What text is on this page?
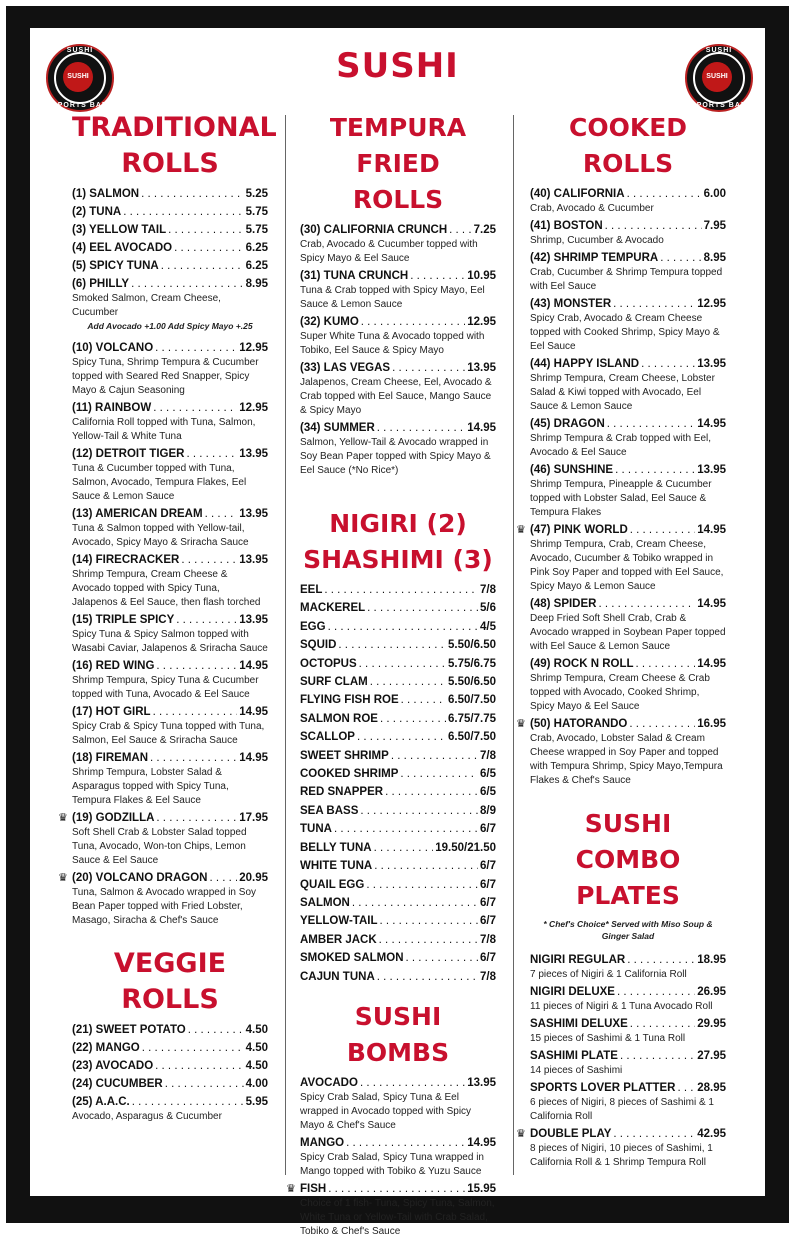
SUSHI
SUSHI
SPORTS BAR
SUSHI
SUSHI
SPORTS BAR
SUSHI
TRADITIONAL
ROLLS
(1) SALMON . . .	5.25
(2) TUNA . . .	5.75
(3) YELLOW TAIL . . .	5.75
(4) EEL AVOCADO . . .	6.25
(5) SPICY TUNA . . .	6.25
(6) PHILLY . . .	8.95
Smoked Salmon, Cream Cheese, Cucumber
Add Avocado +1.00 Add Spicy Mayo +.25
(10) VOLCANO . . .	12.95
Spicy Tuna, Shrimp Tempura & Cucumber topped with Seared Red Snapper, Spicy Mayo & Cajun Seasoning
(11) RAINBOW . . .	12.95
California Roll topped with Tuna, Salmon, Yellow-Tail & White Tuna
(12) DETROIT TIGER . . .	13.95
Tuna & Cucumber topped with Tuna, Salmon, Avocado, Tempura Flakes, Eel Sauce & Lemon Sauce
(13) AMERICAN DREAM . . .	13.95
Tuna & Salmon topped with Yellow-tail, Avocado, Spicy Mayo & Sriracha Sauce
(14) FIRECRACKER . . .	13.95
Shrimp Tempura, Cream Cheese & Avocado topped with Spicy Tuna, Jalapenos & Eel Sauce, then flash torched
(15) TRIPLE SPICY . . .	13.95
Spicy Tuna & Spicy Salmon topped with Wasabi Caviar, Jalapenos & Sriracha Sauce
(16) RED WING . . .	14.95
Shrimp Tempura, Spicy Tuna & Cucumber topped with Tuna, Avocado & Eel Sauce
(17) HOT GIRL . . .	14.95
Spicy Crab & Spicy Tuna topped with Tuna, Salmon, Eel Sauce & Sriracha Sauce
(18) FIREMAN . . .	14.95
Shrimp Tempura, Lobster Salad & Asparagus topped with Spicy Tuna, Tempura Flakes & Eel Sauce
♛ (19) GODZILLA . . .	17.95
Soft Shell Crab & Lobster Salad topped Tuna, Avocado, Won-ton Chips, Lemon Sauce & Eel Sauce
♛ (20) VOLCANO DRAGON . . .	20.95
Tuna, Salmon & Avocado wrapped in Soy Bean Paper topped with Fried Lobster, Masago, Siracha & Chef's Sauce
VEGGIE ROLLS
(21) SWEET POTATO . . .	4.50
(22) MANGO . . .	4.50
(23) AVOCADO . . .	4.50
(24) CUCUMBER . . .	4.00
(25) A.A.C. . . .	5.95
Avocado, Asparagus & Cucumber
TEMPURA FRIED
ROLLS
(30) CALIFORNIA CRUNCH . . . 7.25
Crab, Avocado & Cucumber topped with Spicy Mayo & Eel Sauce
(31) TUNA CRUNCH . . .	10.95
Tuna & Crab topped with Spicy Mayo, Eel Sauce & Lemon Sauce
(32) KUMO . . .	12.95
Super White Tuna & Avocado topped with Tobiko, Eel Sauce & Spicy Mayo
(33) LAS VEGAS . . .	13.95
Jalapenos, Cream Cheese, Eel, Avocado & Crab topped with Eel Sauce, Mango Sauce & Spicy Mayo
(34) SUMMER . . .	14.95
Salmon, Yellow-Tail & Avocado wrapped in Soy Bean Paper topped with Spicy Mayo & Eel Sauce (*No Rice*)
NIGIRI (2)
SHASHIMI (3)
EEL . . .	7/8
MACKEREL . . .	5/6
EGG . . .	4/5
SQUID . . .	5.50/6.50
OCTOPUS . . .	5.75/6.75
SURF CLAM . . .	5.50/6.50
FLYING FISH ROE . . .	6.50/7.50
SALMON ROE . . .	6.75/7.75
SCALLOP . . .	6.50/7.50
SWEET SHRIMP . . .	7/8
COOKED SHRIMP . . .	6/5
RED SNAPPER . . .	6/5
SEA BASS . . .	8/9
TUNA . . .	6/7
BELLY TUNA . . .	19.50/21.50
WHITE TUNA . . .	6/7
QUAIL EGG . . .	6/7
SALMON . . .	6/7
YELLOW-TAIL . . .	6/7
AMBER JACK . . .	7/8
SMOKED SALMON . . .	6/7
CAJUN TUNA . . .	7/8
SUSHI BOMBS
AVOCADO . . .	13.95
Spicy Crab Salad, Spicy Tuna & Eel wrapped in Avocado topped with Spicy Mayo & Chef's Sauce
MANGO . . .	14.95
Spicy Crab Salad, Spicy Tuna wrapped in Mango topped with Tobiko & Yuzu Sauce
♛ FISH . . .	15.95
Choice of 1 fish- Tuna, Spicy Tuna, Salmon, White Tuna or Yellow-Tail with Crab Salad, Tobiko & Chef's Sauce
COOKED ROLLS
(40) CALIFORNIA . . .	6.00
Crab, Avocado & Cucumber
(41) BOSTON . . .	7.95
Shrimp, Cucumber & Avocado
(42) SHRIMP TEMPURA . . .	8.95
Crab, Cucumber & Shrimp Tempura topped with Eel Sauce
(43) MONSTER . . .	12.95
Spicy Crab, Avocado & Cream Cheese topped with Cooked Shrimp, Spicy Mayo & Eel Sauce
(44) HAPPY ISLAND . . .	13.95
Shrimp Tempura, Cream Cheese, Lobster Salad & Kiwi topped with Avocado, Eel Sauce & Lemon Sauce
(45) DRAGON . . .	14.95
Shrimp Tempura & Crab topped with Eel, Avocado & Eel Sauce
(46) SUNSHINE . . .	13.95
Shrimp Tempura, Pineapple & Cucumber topped with Lobster Salad, Eel Sauce & Tempura Flakes
♛ (47) PINK WORLD . . .	14.95
Shrimp Tempura, Crab, Cream Cheese, Avocado, Cucumber & Tobiko wrapped in Pink Soy Paper and topped with Eel Sauce, Spicy Mayo & Lemon Sauce
(48) SPIDER . . .	14.95
Deep Fried Soft Shell Crab, Crab & Avocado wrapped in Soybean Paper topped with Eel Sauce & Lemon Sauce
(49) ROCK N ROLL . . .	14.95
Shrimp Tempura, Cream Cheese & Crab topped with Avocado, Cooked Shrimp, Spicy Mayo & Eel Sauce
♛ (50) HATORANDO . . .	16.95
Crab, Avocado, Lobster Salad & Cream Cheese wrapped in Soy Paper and topped with Tempura Shrimp, Spicy Mayo,Tempura Flakes & Chef's Sauce
SUSHI COMBO
PLATES
* Chef's Choice* Served with Miso Soup & Ginger Salad
NIGIRI REGULAR . . .	18.95
7 pieces of Nigiri & 1 California Roll
NIGIRI DELUXE . . .	26.95
11 pieces of Nigiri & 1 Tuna Avocado Roll
SASHIMI DELUXE . . .	29.95
15 pieces of Sashimi & 1 Tuna Roll
SASHIMI PLATE . . .	27.95
14 pieces of Sashimi
SPORTS LOVER PLATTER . . . 28.95
6 pieces of Nigiri, 8 pieces of Sashimi & 1 California Roll
♛ DOUBLE PLAY . . .	42.95
8 pieces of Nigiri, 10 pieces of Sashimi, 1 California Roll & 1 Shrimp Tempura Roll
